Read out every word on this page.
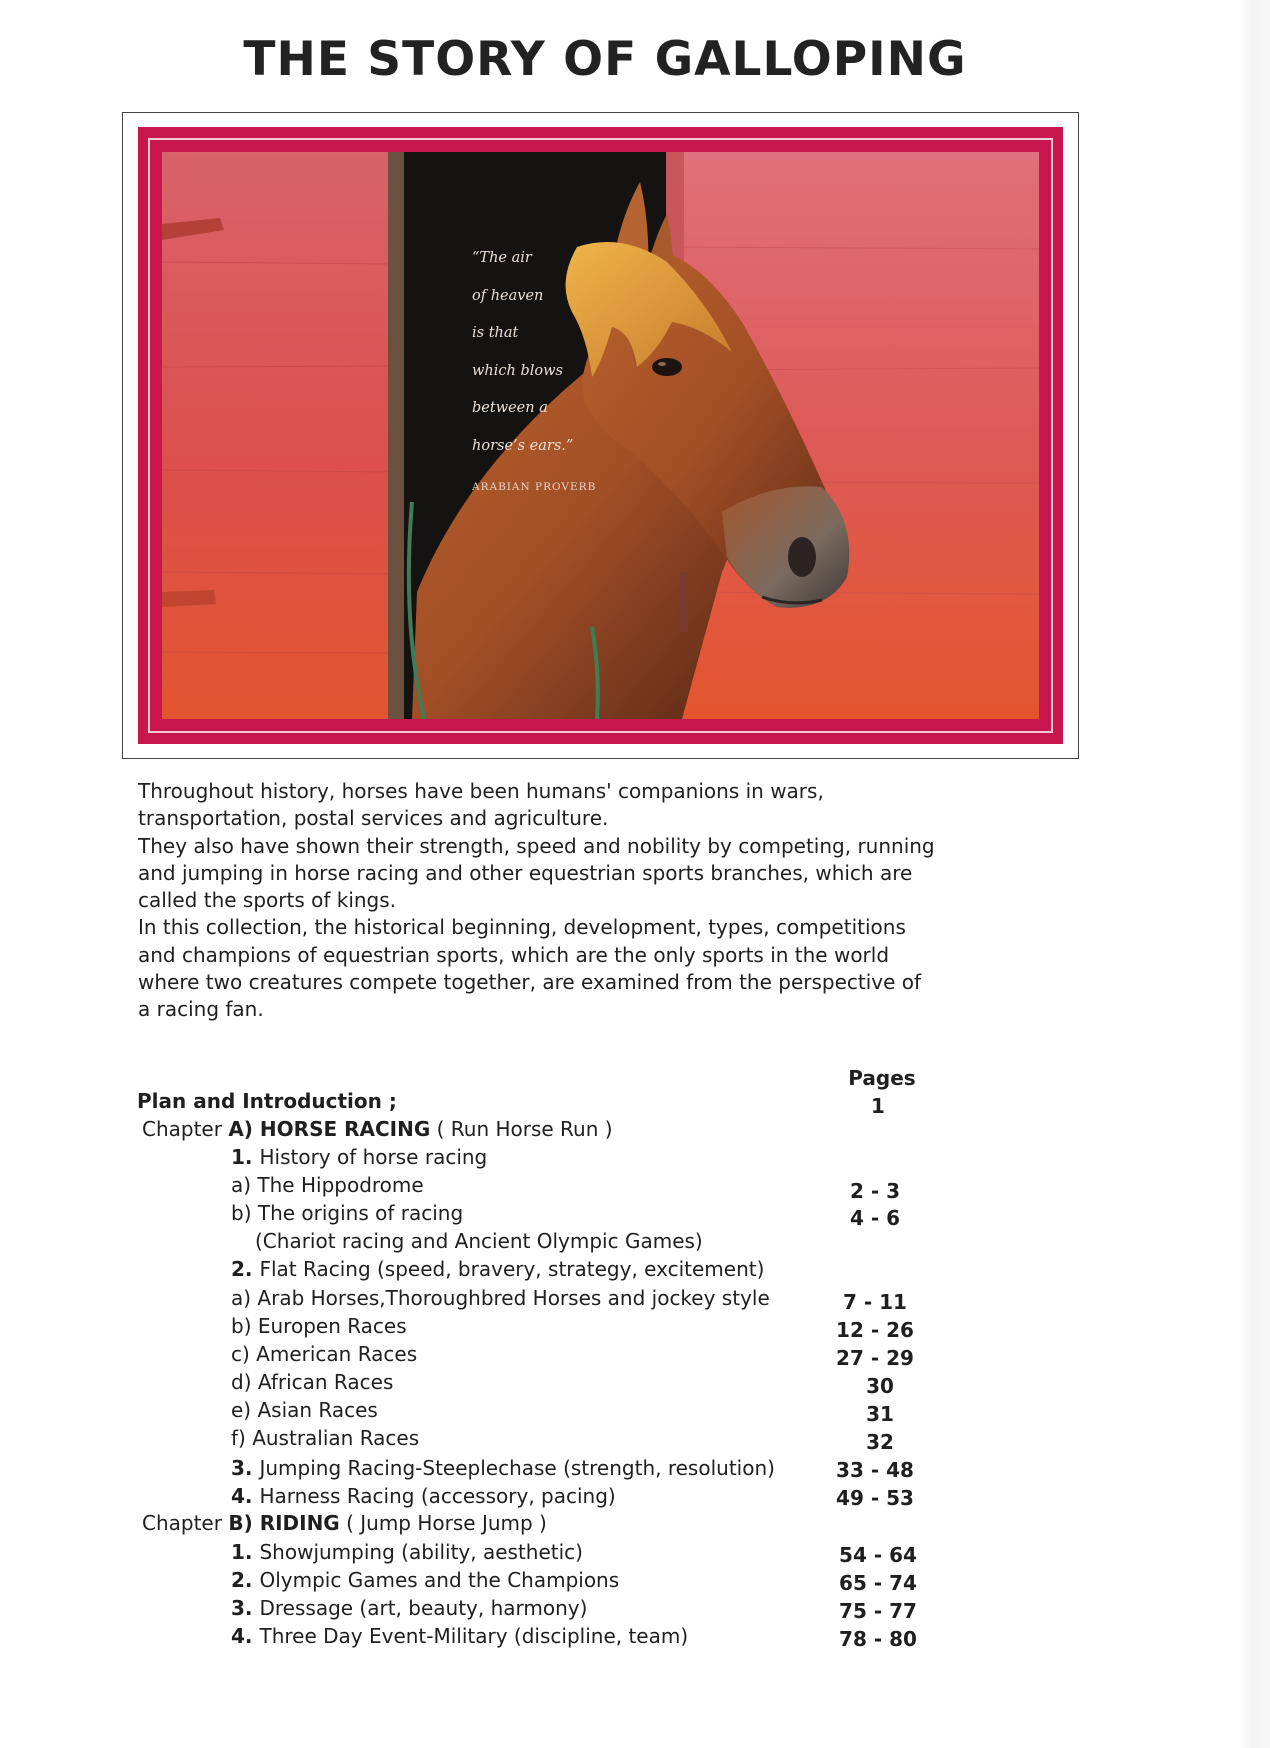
THE STORY OF GALLOPING
“The air
of heaven
is that
which blows
between a
horse’s ears.”
ARABIAN PROVERB

Throughout history, horses have been humans' companions in wars, transportation, postal services and agriculture.

They also have shown their strength, speed and nobility by competing, running and jumping in horse racing and other equestrian sports branches, which are called the sports of kings.

In this collection, the historical beginning, development, types, competitions and champions of equestrian sports, which are the only sports in the world where two creatures compete together, are examined from the perspective of a racing fan.

Pages
Plan and Introduction ;	1
Chapter A) HORSE RACING ( Run Horse Run )
1. History of horse racing
a) The Hippodrome	2 - 3
b) The origins of racing	4 - 6
(Chariot racing and Ancient Olympic Games)
2. Flat Racing (speed, bravery, strategy, excitement)
a) Arab Horses,Thoroughbred Horses and jockey style	7 - 11
b) Europen Races	12 - 26
c) American Races	27 - 29
d) African Races	30
e) Asian Races	31
f) Australian Races	32
3. Jumping Racing-Steeplechase (strength, resolution)	33 - 48
4. Harness Racing (accessory, pacing)	49 - 53
Chapter B) RIDING ( Jump Horse Jump )
1. Showjumping (ability, aesthetic)	54 - 64
2. Olympic Games and the Champions	65 - 74
3. Dressage (art, beauty, harmony)	75 - 77
4. Three Day Event-Military (discipline, team)	78 - 80
